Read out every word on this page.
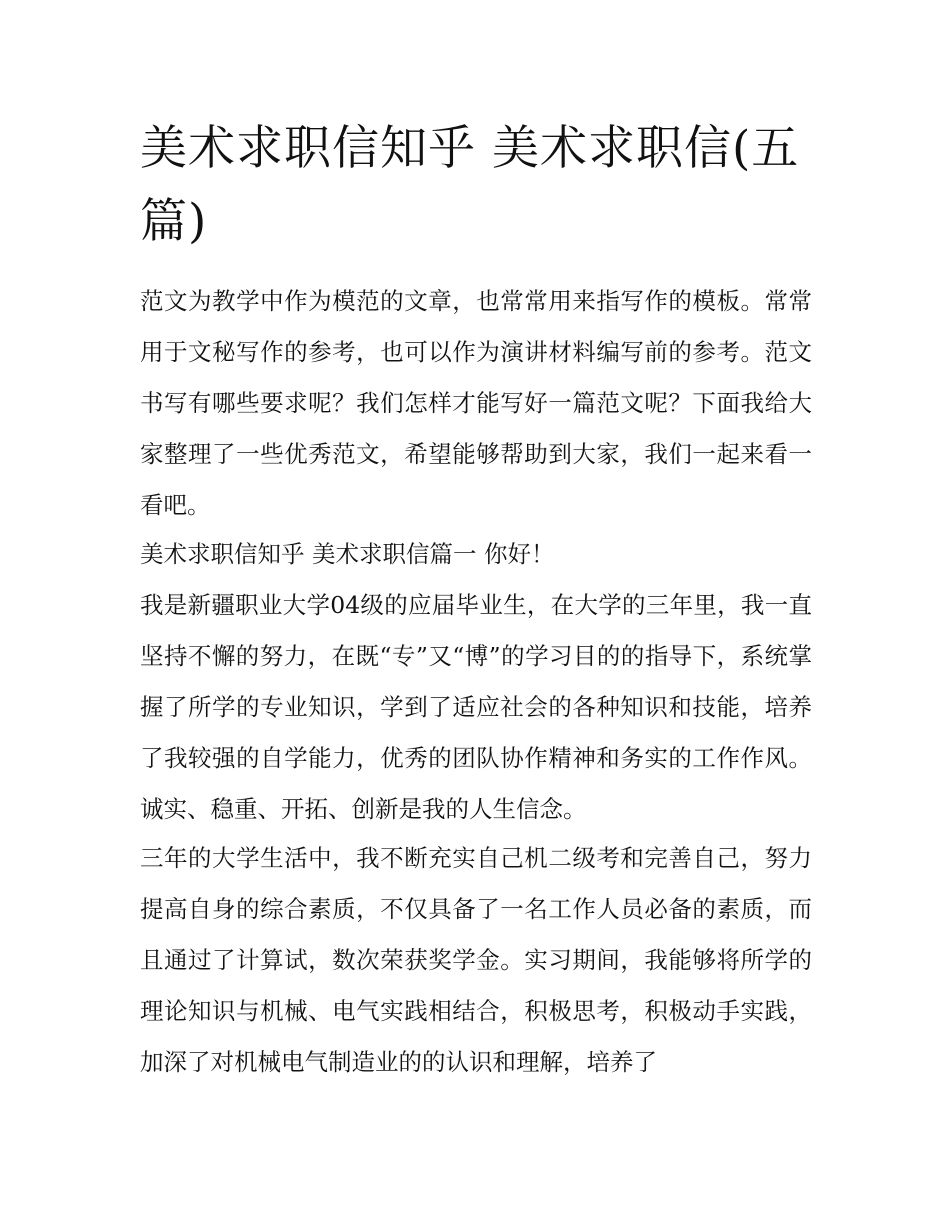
美术求职信知乎 美术求职信(五篇)

范文为教学中作为模范的文章，也常常用来指写作的模板。常常用于文秘写作的参考，也可以作为演讲材料编写前的参考。范文书写有哪些要求呢？我们怎样才能写好一篇范文呢？下面我给大家整理了一些优秀范文，希望能够帮助到大家，我们一起来看一看吧。

美术求职信知乎 美术求职信篇一 你好！

我是新疆职业大学04级的应届毕业生，在大学的三年里，我一直坚持不懈的努力，在既“专”又“博”的学习目的的指导下，系统掌握了所学的专业知识，学到了适应社会的各种知识和技能，培养了我较强的自学能力，优秀的团队协作精神和务实的工作作风。诚实、稳重、开拓、创新是我的人生信念。

三年的大学生活中，我不断充实自己机二级考和完善自己，努力提高自身的综合素质，不仅具备了一名工作人员必备的素质，而且通过了计算试，数次荣获奖学金。实习期间，我能够将所学的理论知识与机械、电气实践相结合，积极思考，积极动手实践，加深了对机械电气制造业的的认识和理解，培养了
